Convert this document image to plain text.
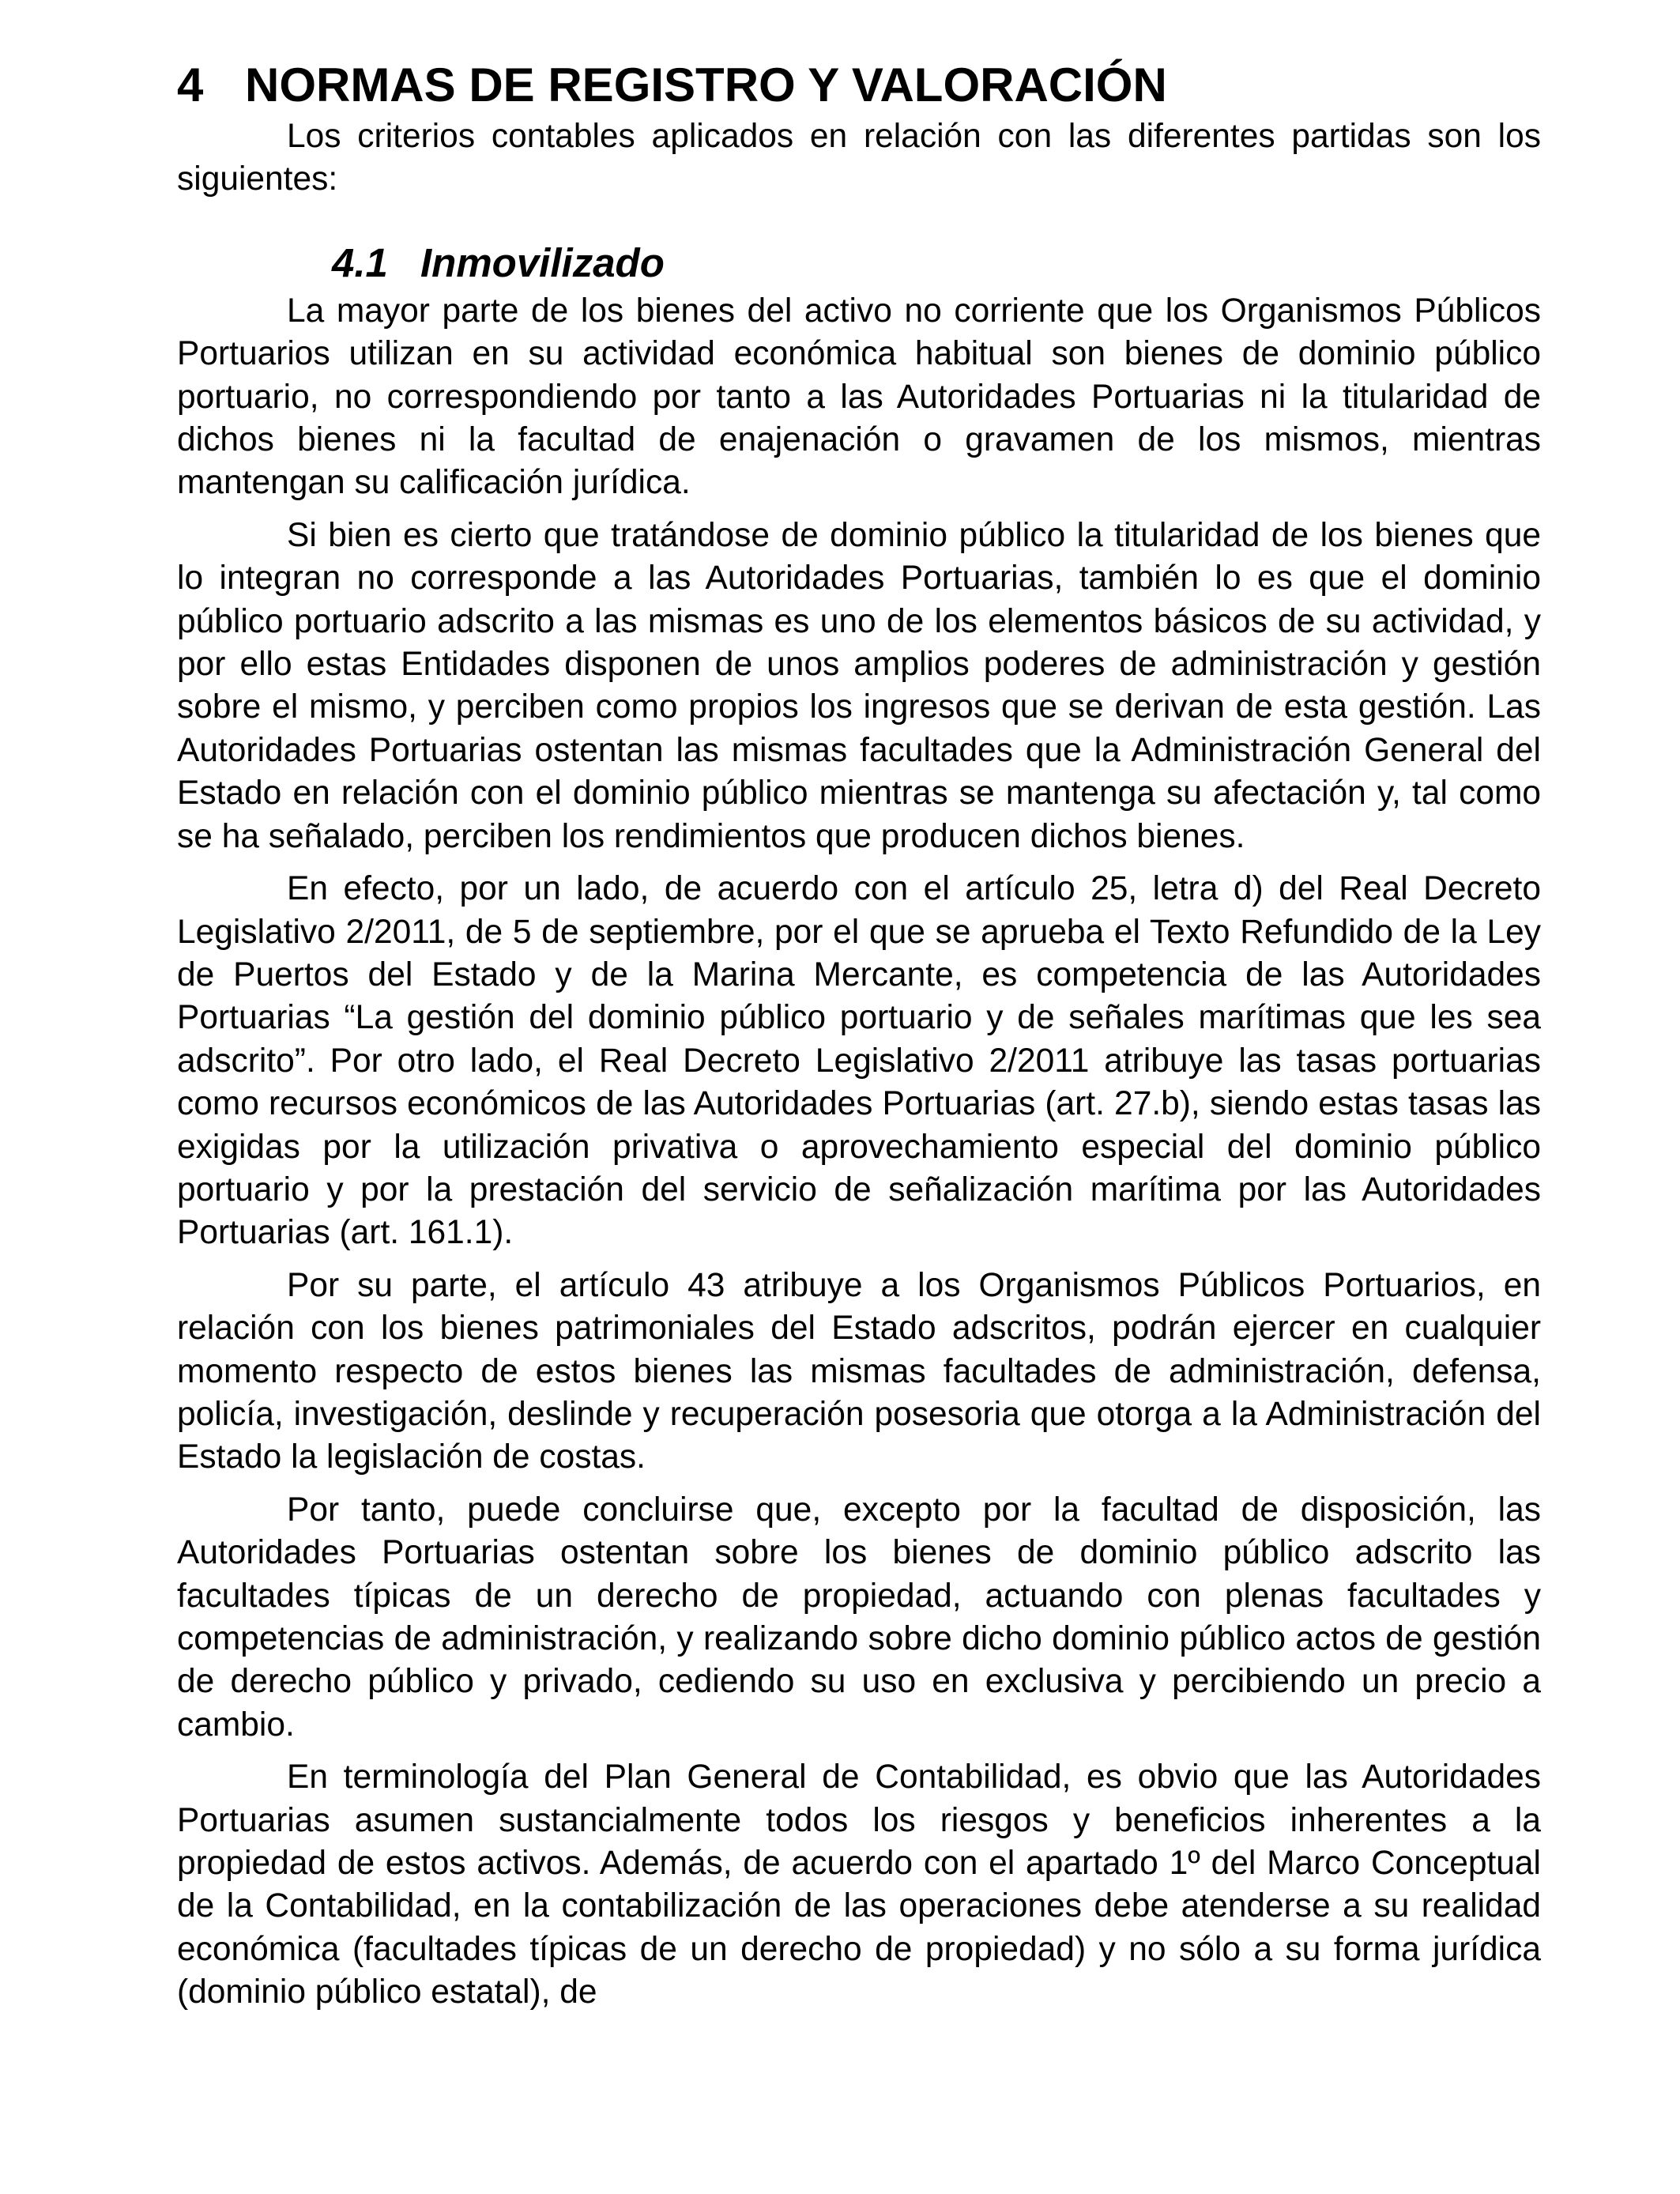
4 NORMAS DE REGISTRO Y VALORACIÓN

Los criterios contables aplicados en relación con las diferentes partidas son los siguientes:

4.1 Inmovilizado

La mayor parte de los bienes del activo no corriente que los Organismos Públicos Portuarios utilizan en su actividad económica habitual son bienes de dominio público portuario, no correspondiendo por tanto a las Autoridades Portuarias ni la titularidad de dichos bienes ni la facultad de enajenación o gravamen de los mismos, mientras mantengan su calificación jurídica.

Si bien es cierto que tratándose de dominio público la titularidad de los bienes que lo integran no corresponde a las Autoridades Portuarias, también lo es que el dominio público portuario adscrito a las mismas es uno de los elementos básicos de su actividad, y por ello estas Entidades disponen de unos amplios poderes de administración y gestión sobre el mismo, y perciben como propios los ingresos que se derivan de esta gestión. Las Autoridades Portuarias ostentan las mismas facultades que la Administración General del Estado en relación con el dominio público mientras se mantenga su afectación y, tal como se ha señalado, perciben los rendimientos que producen dichos bienes.

En efecto, por un lado, de acuerdo con el artículo 25, letra d) del Real Decreto Legislativo 2/2011, de 5 de septiembre, por el que se aprueba el Texto Refundido de la Ley de Puertos del Estado y de la Marina Mercante, es competencia de las Autoridades Portuarias “La gestión del dominio público portuario y de señales marítimas que les sea adscrito”. Por otro lado, el Real Decreto Legislativo 2/2011 atribuye las tasas portuarias como recursos económicos de las Autoridades Portuarias (art. 27.b), siendo estas tasas las exigidas por la utilización privativa o aprovechamiento especial del dominio público portuario y por la prestación del servicio de señalización marítima por las Autoridades Portuarias (art. 161.1).

Por su parte, el artículo 43 atribuye a los Organismos Públicos Portuarios, en relación con los bienes patrimoniales del Estado adscritos, podrán ejercer en cualquier momento respecto de estos bienes las mismas facultades de administración, defensa, policía, investigación, deslinde y recuperación posesoria que otorga a la Administración del Estado la legislación de costas.

Por tanto, puede concluirse que, excepto por la facultad de disposición, las Autoridades Portuarias ostentan sobre los bienes de dominio público adscrito las facultades típicas de un derecho de propiedad, actuando con plenas facultades y competencias de administración, y realizando sobre dicho dominio público actos de gestión de derecho público y privado, cediendo su uso en exclusiva y percibiendo un precio a cambio.

En terminología del Plan General de Contabilidad, es obvio que las Autoridades Portuarias asumen sustancialmente todos los riesgos y beneficios inherentes a la propiedad de estos activos. Además, de acuerdo con el apartado 1º del Marco Conceptual de la Contabilidad, en la contabilización de las operaciones debe atenderse a su realidad económica (facultades típicas de un derecho de propiedad) y no sólo a su forma jurídica (dominio público estatal), de
